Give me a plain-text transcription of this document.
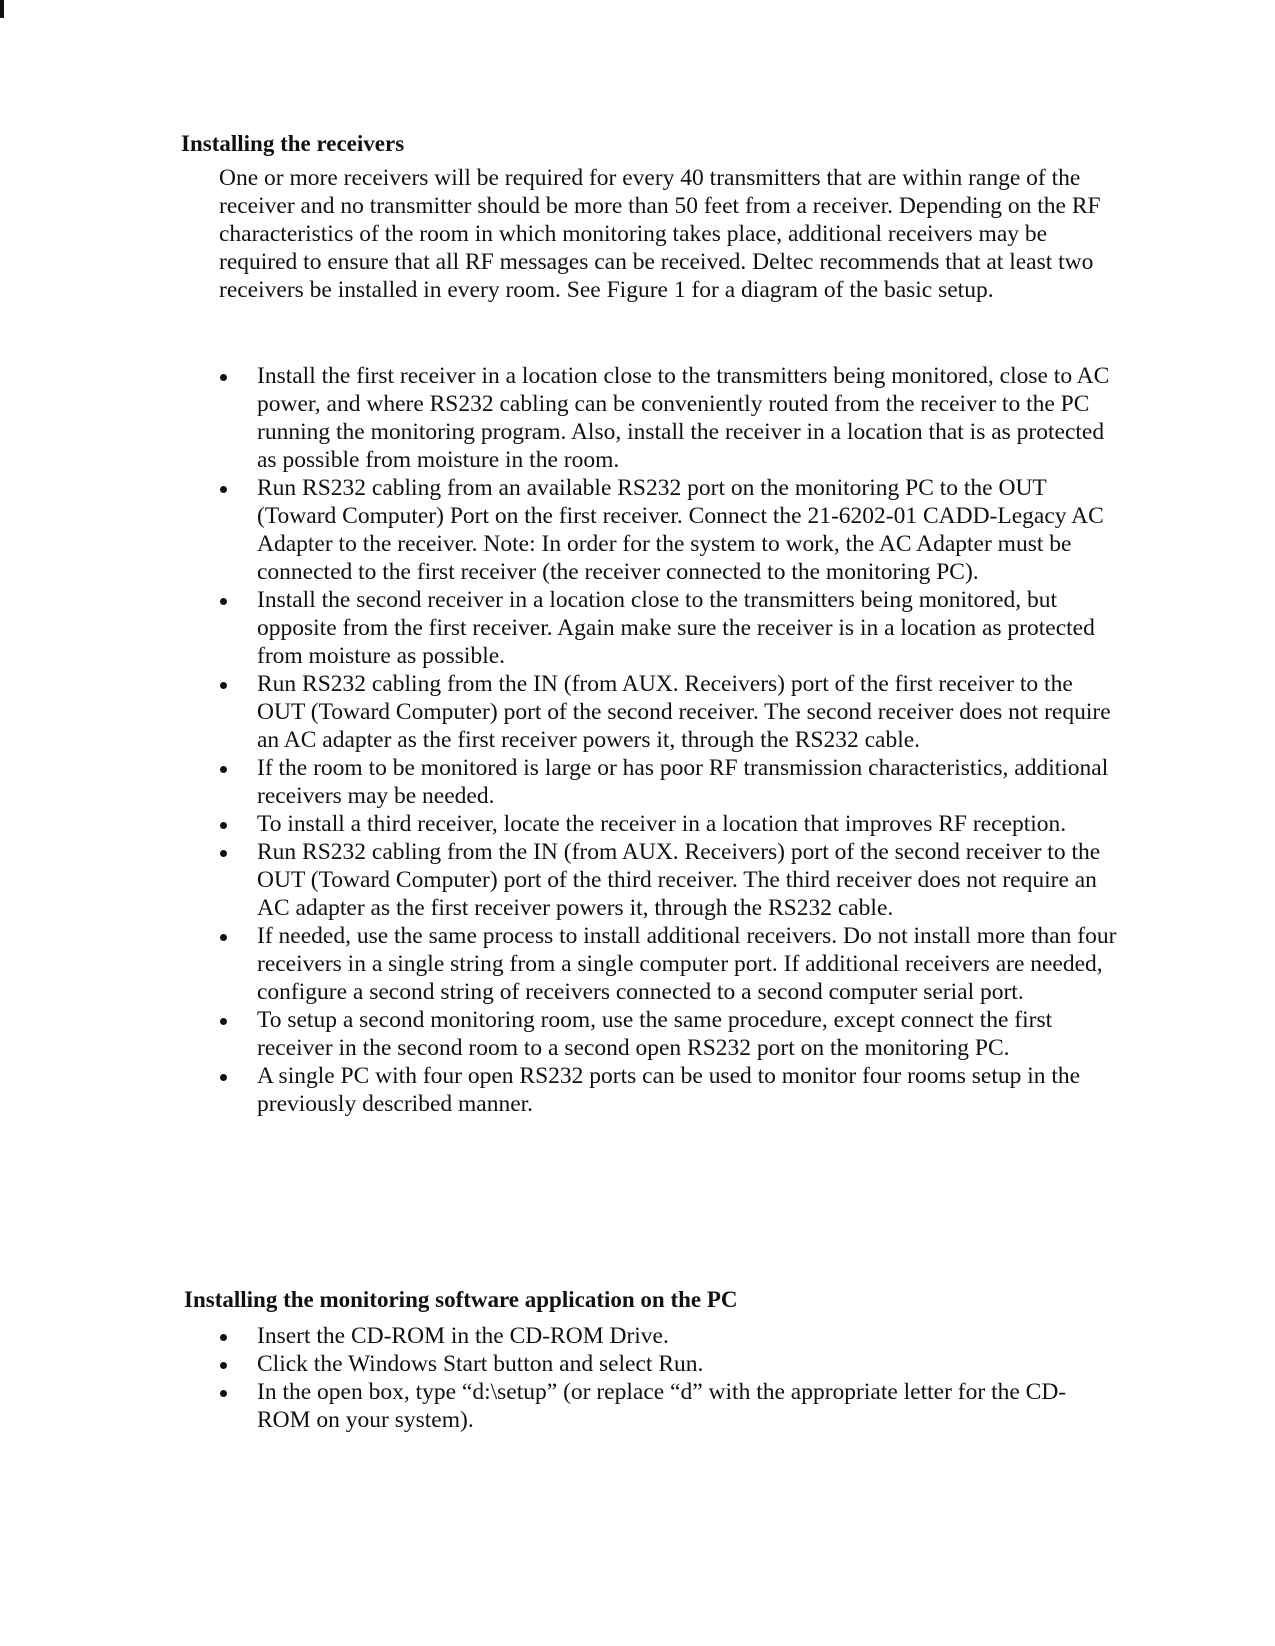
Installing the receivers

One or more receivers will be required for every 40 transmitters that are within range of the receiver and no transmitter should be more than 50 feet from a receiver. Depending on the RF characteristics of the room in which monitoring takes place, additional receivers may be required to ensure that all RF messages can be received. Deltec recommends that at least two receivers be installed in every room. See Figure 1 for a diagram of the basic setup.

Install the first receiver in a location close to the transmitters being monitored, close to AC power, and where RS232 cabling can be conveniently routed from the receiver to the PC running the monitoring program. Also, install the receiver in a location that is as protected as possible from moisture in the room.
Run RS232 cabling from an available RS232 port on the monitoring PC to the OUT (Toward Computer) Port on the first receiver. Connect the 21-6202-01 CADD-Legacy AC Adapter to the receiver. Note: In order for the system to work, the AC Adapter must be connected to the first receiver (the receiver connected to the monitoring PC).
Install the second receiver in a location close to the transmitters being monitored, but opposite from the first receiver. Again make sure the receiver is in a location as protected from moisture as possible.
Run RS232 cabling from the IN (from AUX. Receivers) port of the first receiver to the OUT (Toward Computer) port of the second receiver. The second receiver does not require an AC adapter as the first receiver powers it, through the RS232 cable.
If the room to be monitored is large or has poor RF transmission characteristics, additional receivers may be needed.
To install a third receiver, locate the receiver in a location that improves RF reception.
Run RS232 cabling from the IN (from AUX. Receivers) port of the second receiver to the OUT (Toward Computer) port of the third receiver. The third receiver does not require an AC adapter as the first receiver powers it, through the RS232 cable.
If needed, use the same process to install additional receivers. Do not install more than four receivers in a single string from a single computer port. If additional receivers are needed, configure a second string of receivers connected to a second computer serial port.
To setup a second monitoring room, use the same procedure, except connect the first receiver in the second room to a second open RS232 port on the monitoring PC.
A single PC with four open RS232 ports can be used to monitor four rooms setup in the previously described manner.
Installing the monitoring software application on the PC
Insert the CD-ROM in the CD-ROM Drive.
Click the Windows Start button and select Run.
In the open box, type “d:\setup” (or replace “d” with the appropriate letter for the CD-ROM on your system).
